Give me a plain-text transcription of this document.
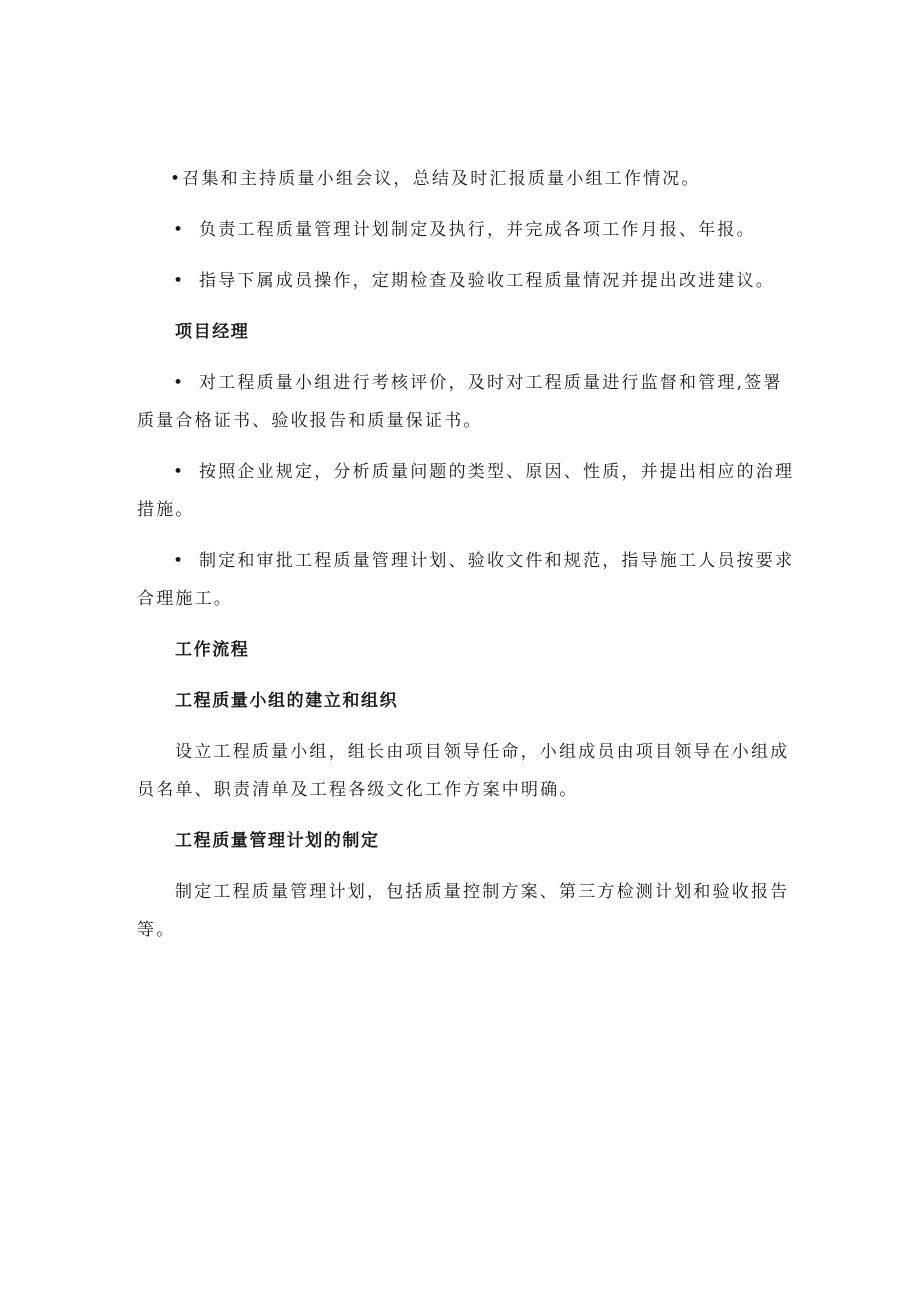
•召集和主持质量小组会议，总结及时汇报质量小组工作情况。

• 负责工程质量管理计划制定及执行，并完成各项工作月报、年报。

• 指导下属成员操作，定期检查及验收工程质量情况并提出改进建议。

项目经理

• 对工程质量小组进行考核评价，及时对工程质量进行监督和管理,签署质量合格证书、验收报告和质量保证书。

• 按照企业规定，分析质量问题的类型、原因、性质，并提出相应的治理措施。

• 制定和审批工程质量管理计划、验收文件和规范，指导施工人员按要求合理施工。

工作流程

工程质量小组的建立和组织

设立工程质量小组，组长由项目领导任命，小组成员由项目领导在小组成员名单、职责清单及工程各级文化工作方案中明确。

工程质量管理计划的制定

制定工程质量管理计划，包括质量控制方案、第三方检测计划和验收报告等。
